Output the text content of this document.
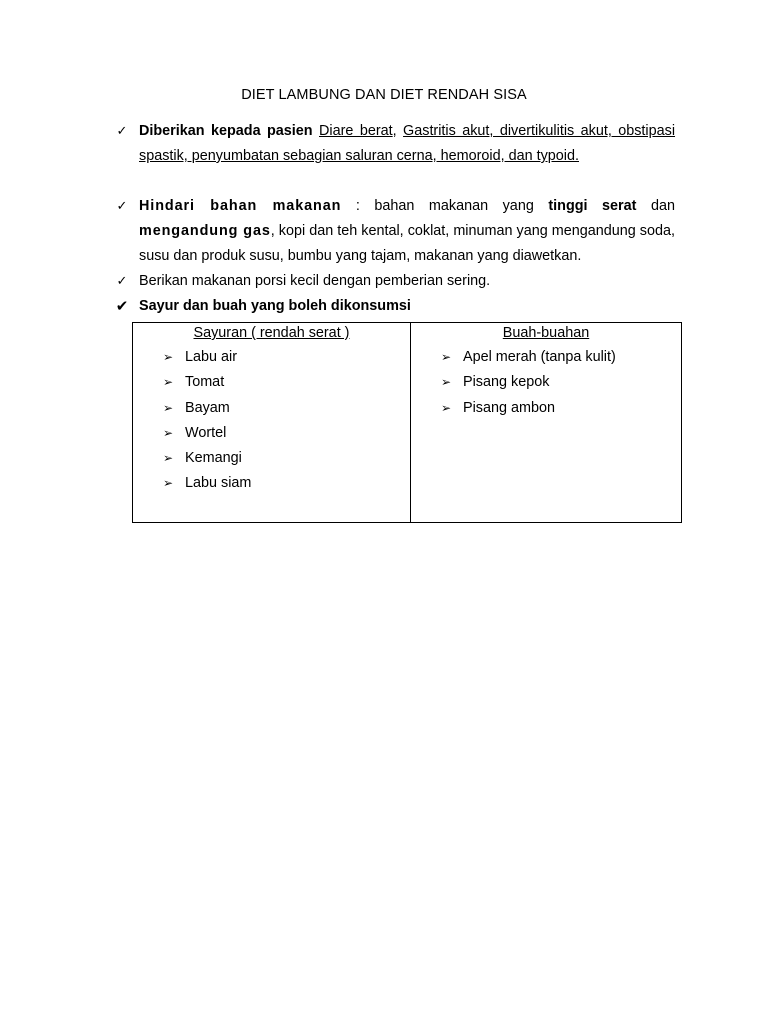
DIET LAMBUNG DAN DIET RENDAH SISA
✓ Diberikan kepada pasien Diare berat, Gastritis akut, divertikulitis akut, obstipasi spastik, penyumbatan sebagian saluran cerna, hemoroid, dan typoid.
✓ Hindari bahan makanan : bahan makanan yang tinggi serat dan mengandung gas, kopi dan teh kental, coklat, minuman yang mengandung soda, susu dan produk susu, bumbu yang tajam, makanan yang diawetkan.
✓ Berikan makanan porsi kecil dengan pemberian sering.
✔ Sayur dan buah yang boleh dikonsumsi
Sayuran ( rendah serat )
➢ Labu air
➢ Tomat
➢ Bayam
➢ Wortel
➢ Kemangi
➢ Labu siam
Buah-buahan
➢ Apel merah (tanpa kulit)
➢ Pisang kepok
➢ Pisang ambon
